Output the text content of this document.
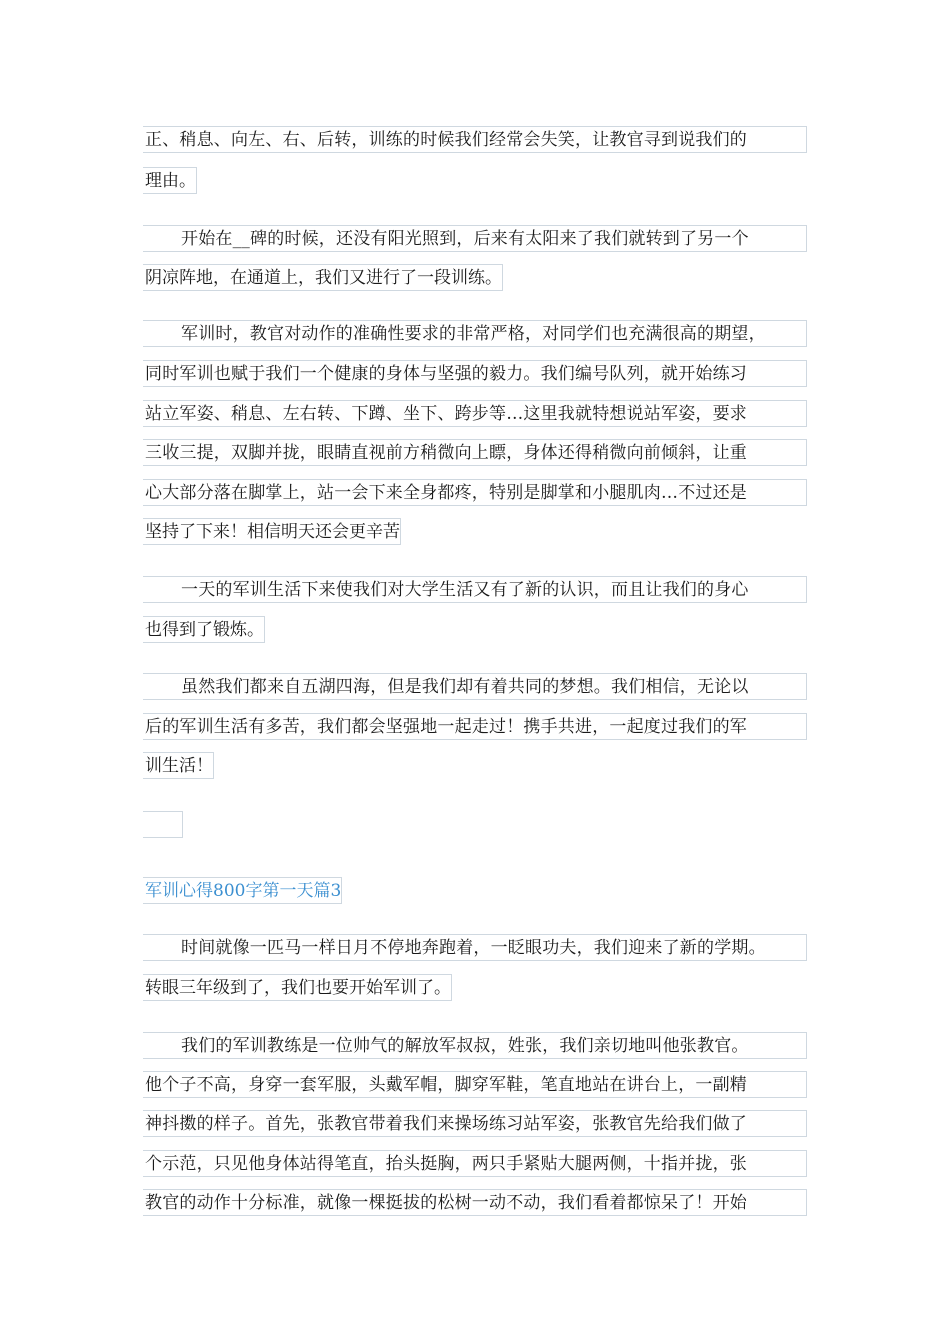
正、稍息、向左、右、后转，训练的时候我们经常会失笑，让教官寻到说我们的
理由。
开始在__碑的时候，还没有阳光照到，后来有太阳来了我们就转到了另一个
阴凉阵地，在通道上，我们又进行了一段训练。
军训时，教官对动作的准确性要求的非常严格，对同学们也充满很高的期望，
同时军训也赋于我们一个健康的身体与坚强的毅力。我们编号队列，就开始练习
站立军姿、稍息、左右转、下蹲、坐下、跨步等…这里我就特想说站军姿，要求
三收三提，双脚并拢，眼睛直视前方稍微向上瞟，身体还得稍微向前倾斜，让重
心大部分落在脚掌上，站一会下来全身都疼，特别是脚掌和小腿肌肉…不过还是
坚持了下来！相信明天还会更辛苦
一天的军训生活下来使我们对大学生活又有了新的认识，而且让我们的身心
也得到了锻炼。
虽然我们都来自五湖四海，但是我们却有着共同的梦想。我们相信，无论以
后的军训生活有多苦，我们都会坚强地一起走过！携手共进，一起度过我们的军
训生活！
军训心得800字第一天篇3
时间就像一匹马一样日月不停地奔跑着，一眨眼功夫，我们迎来了新的学期。
转眼三年级到了，我们也要开始军训了。
我们的军训教练是一位帅气的解放军叔叔，姓张，我们亲切地叫他张教官。
他个子不高，身穿一套军服，头戴军帽，脚穿军鞋，笔直地站在讲台上，一副精
神抖擞的样子。首先，张教官带着我们来操场练习站军姿，张教官先给我们做了
个示范，只见他身体站得笔直，抬头挺胸，两只手紧贴大腿两侧，十指并拢，张
教官的动作十分标准，就像一棵挺拔的松树一动不动，我们看着都惊呆了！开始
